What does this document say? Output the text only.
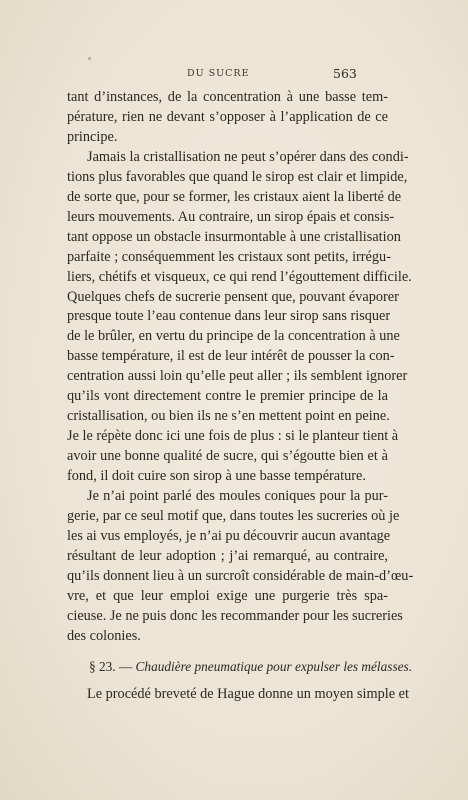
DU SUCRE	563

tant d’instances, de la concentration à une basse tem-
pérature, rien ne devant s’opposer à l’application de ce
principe.

Jamais la cristallisation ne peut s’opérer dans des condi-
tions plus favorables que quand le sirop est clair et limpide,
de sorte que, pour se former, les cristaux aient la liberté de
leurs mouvements. Au contraire, un sirop épais et consis-
tant oppose un obstacle insurmontable à une cristallisation
parfaite ; conséquemment les cristaux sont petits, irrégu-
liers, chétifs et visqueux, ce qui rend l’égouttement difficile.
Quelques chefs de sucrerie pensent que, pouvant évaporer
presque toute l’eau contenue dans leur sirop sans risquer
de le brûler, en vertu du principe de la concentration à une
basse température, il est de leur intérêt de pousser la con-
centration aussi loin qu’elle peut aller ; ils semblent ignorer
qu’ils vont directement contre le premier principe de la
cristallisation, ou bien ils ne s’en mettent point en peine.
Je le répète donc ici une fois de plus : si le planteur tient à
avoir une bonne qualité de sucre, qui s’égoutte bien et à
fond, il doit cuire son sirop à une basse température.

Je n’ai point parlé des moules coniques pour la pur-
gerie, par ce seul motif que, dans toutes les sucreries où je
les ai vus employés, je n’ai pu découvrir aucun avantage
résultant de leur adoption ; j’ai remarqué, au contraire,
qu’ils donnent lieu à un surcroît considérable de main-d’œu-
vre, et que leur emploi exige une purgerie très spa-
cieuse. Je ne puis donc les recommander pour les sucreries
des colonies.

§ 23. — Chaudière pneumatique pour expulser les mélasses.

Le procédé breveté de Hague donne un moyen simple et
